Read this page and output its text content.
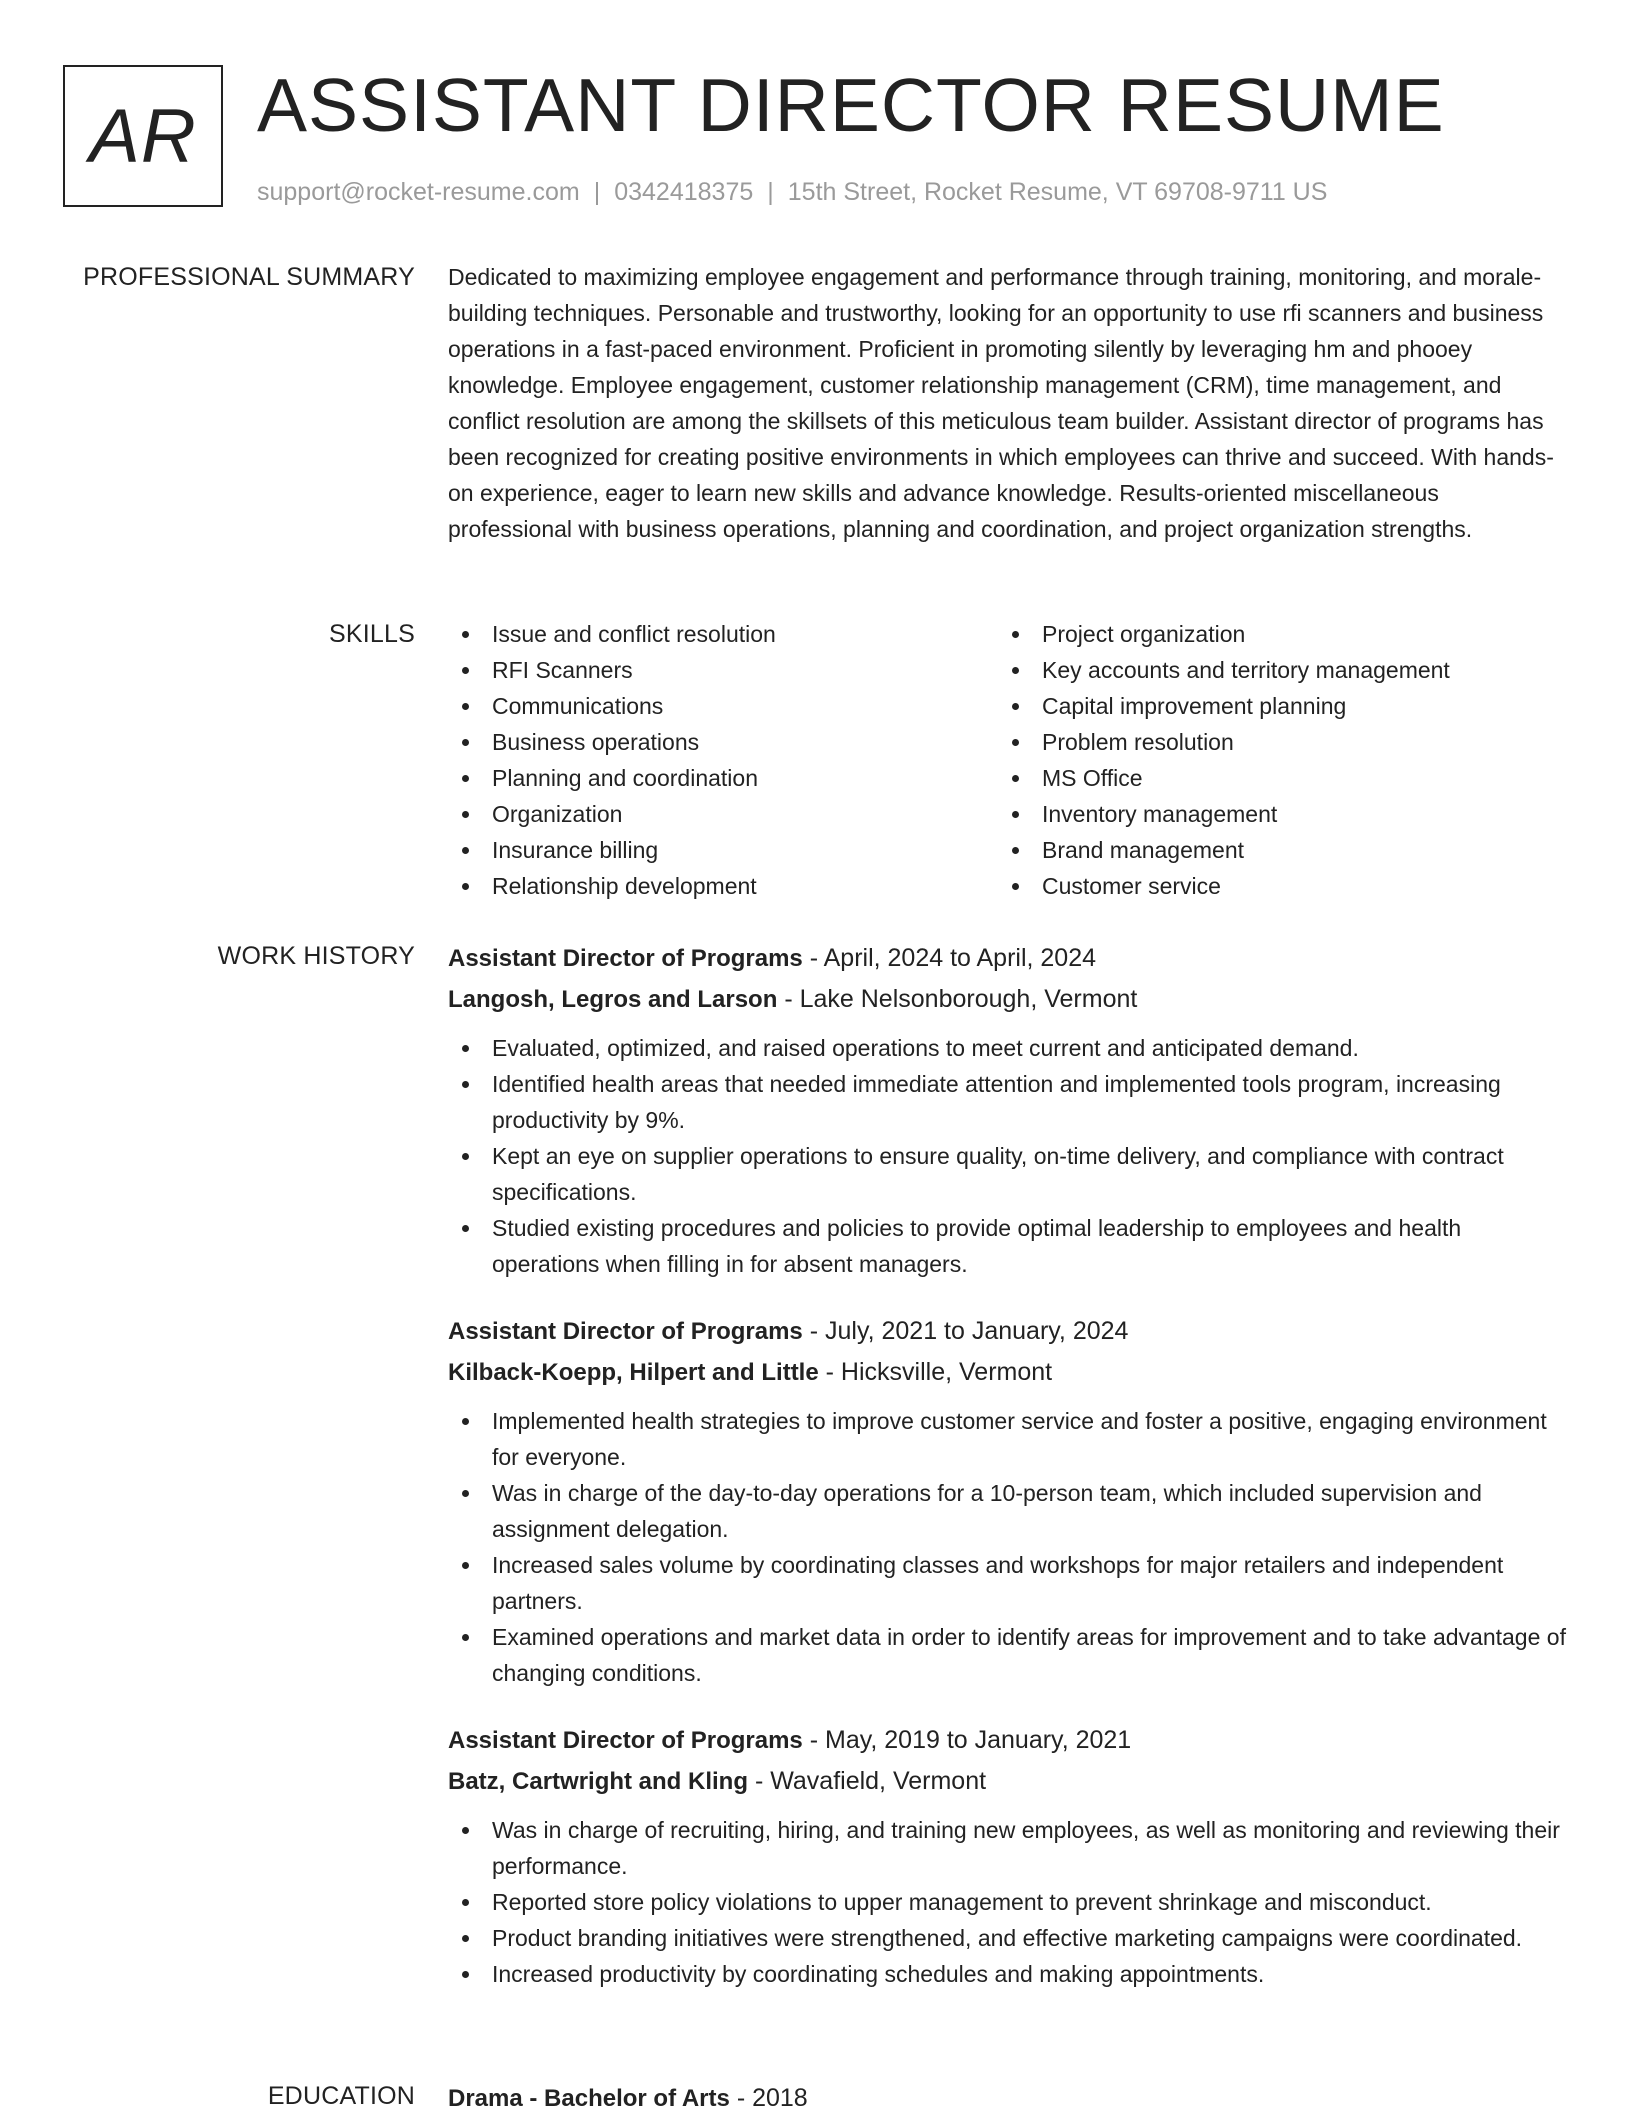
AR ASSISTANT DIRECTOR RESUME
support@rocket-resume.com | 0342418375 | 15th Street, Rocket Resume, VT 69708-9711 US
PROFESSIONAL SUMMARY Dedicated to maximizing employee engagement and performance through training, monitoring, and morale-building techniques. Personable and trustworthy, looking for an opportunity to use rfi scanners and business operations in a fast-paced environment. Proficient in promoting silently by leveraging hm and phooey knowledge. Employee engagement, customer relationship management (CRM), time management, and conflict resolution are among the skillsets of this meticulous team builder. Assistant director of programs has been recognized for creating positive environments in which employees can thrive and succeed. With hands-on experience, eager to learn new skills and advance knowledge. Results-oriented miscellaneous professional with business operations, planning and coordination, and project organization strengths.

SKILLS	Issue and conflict resolution
RFI Scanners
Communications
Business operations
Planning and coordination
Organization
Insurance billing
Relationship development
Project organization
Key accounts and territory management
Capital improvement planning
Problem resolution
MS Office
Inventory management
Brand management
Customer service
WORK HISTORY Assistant Director of Programs - April, 2024 to April, 2024
Langosh, Legros and Larson - Lake Nelsonborough, Vermont
Evaluated, optimized, and raised operations to meet current and anticipated demand.
Identified health areas that needed immediate attention and implemented tools program, increasing productivity by 9%.
Kept an eye on supplier operations to ensure quality, on-time delivery, and compliance with contract specifications.
Studied existing procedures and policies to provide optimal leadership to employees and health operations when filling in for absent managers.
Assistant Director of Programs - July, 2021 to January, 2024
Kilback-Koepp, Hilpert and Little - Hicksville, Vermont
Implemented health strategies to improve customer service and foster a positive, engaging environment for everyone.
Was in charge of the day-to-day operations for a 10-person team, which included supervision and assignment delegation.
Increased sales volume by coordinating classes and workshops for major retailers and independent partners.
Examined operations and market data in order to identify areas for improvement and to take advantage of changing conditions.
Assistant Director of Programs - May, 2019 to January, 2021
Batz, Cartwright and Kling - Wavafield, Vermont
Was in charge of recruiting, hiring, and training new employees, as well as monitoring and reviewing their performance.
Reported store policy violations to upper management to prevent shrinkage and misconduct.
Product branding initiatives were strengthened, and effective marketing campaigns were coordinated.
Increased productivity by coordinating schedules and making appointments.
EDUCATION Drama - Bachelor of Arts - 2018
